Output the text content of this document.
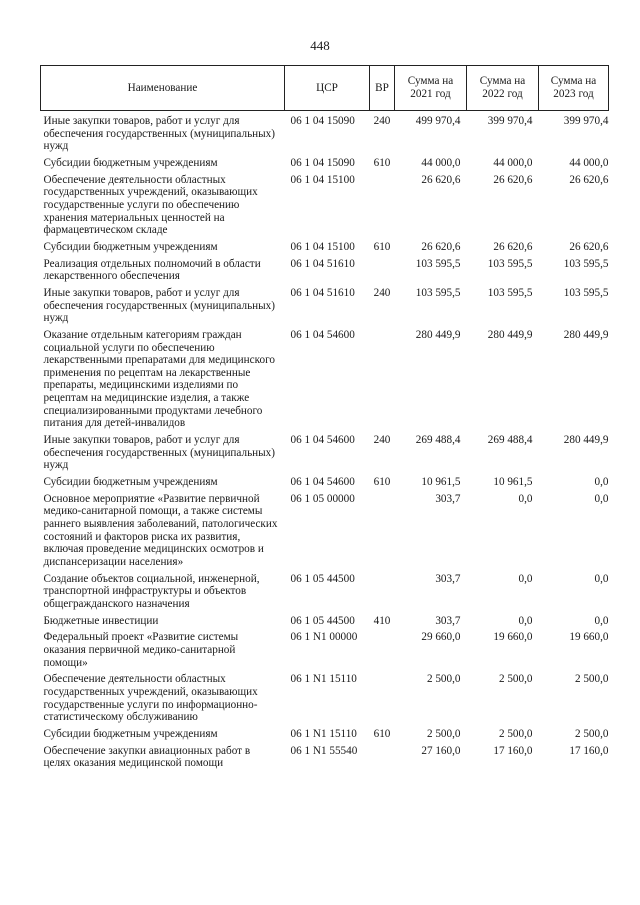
448
Наименование	ЦСР	ВР	Сумма на 2021 год	Сумма на 2022 год	Сумма на 2023 год
Иные закупки товаров, работ и услуг для обеспечения государственных (муниципальных) нужд	06 1 04 15090	240	499 970,4	399 970,4	399 970,4
Субсидии бюджетным учреждениям	06 1 04 15090	610	44 000,0	44 000,0	44 000,0
Обеспечение деятельности областных государственных учреждений, оказывающих государственные услуги по обеспечению хранения материальных ценностей на фармацевтическом складе	06 1 04 15100		26 620,6	26 620,6	26 620,6
Субсидии бюджетным учреждениям	06 1 04 15100	610	26 620,6	26 620,6	26 620,6
Реализация отдельных полномочий в области лекарственного обеспечения	06 1 04 51610		103 595,5	103 595,5	103 595,5
Иные закупки товаров, работ и услуг для обеспечения государственных (муниципальных) нужд	06 1 04 51610	240	103 595,5	103 595,5	103 595,5
Оказание отдельным категориям граждан социальной услуги по обеспечению лекарственными препаратами для медицинского применения по рецептам на лекарственные препараты, медицинскими изделиями по рецептам на медицинские изделия, а также специализированными продуктами лечебного питания для детей-инвалидов	06 1 04 54600		280 449,9	280 449,9	280 449,9
Иные закупки товаров, работ и услуг для обеспечения государственных (муниципальных) нужд	06 1 04 54600	240	269 488,4	269 488,4	280 449,9
Субсидии бюджетным учреждениям	06 1 04 54600	610	10 961,5	10 961,5	0,0
Основное мероприятие «Развитие первичной медико-санитарной помощи, а также системы раннего выявления заболеваний, патологических состояний и факторов риска их развития, включая проведение медицинских осмотров и диспансеризации населения»	06 1 05 00000		303,7	0,0	0,0
Создание объектов социальной, инженерной, транспортной инфраструктуры и объектов общегражданского назначения	06 1 05 44500		303,7	0,0	0,0
Бюджетные инвестиции	06 1 05 44500	410	303,7	0,0	0,0
Федеральный проект «Развитие системы оказания первичной медико-санитарной помощи»	06 1 N1 00000		29 660,0	19 660,0	19 660,0
Обеспечение деятельности областных государственных учреждений, оказывающих государственные услуги по информационно-статистическому обслуживанию	06 1 N1 15110		2 500,0	2 500,0	2 500,0
Субсидии бюджетным учреждениям	06 1 N1 15110	610	2 500,0	2 500,0	2 500,0
Обеспечение закупки авиационных работ в целях оказания медицинской помощи	06 1 N1 55540		27 160,0	17 160,0	17 160,0
